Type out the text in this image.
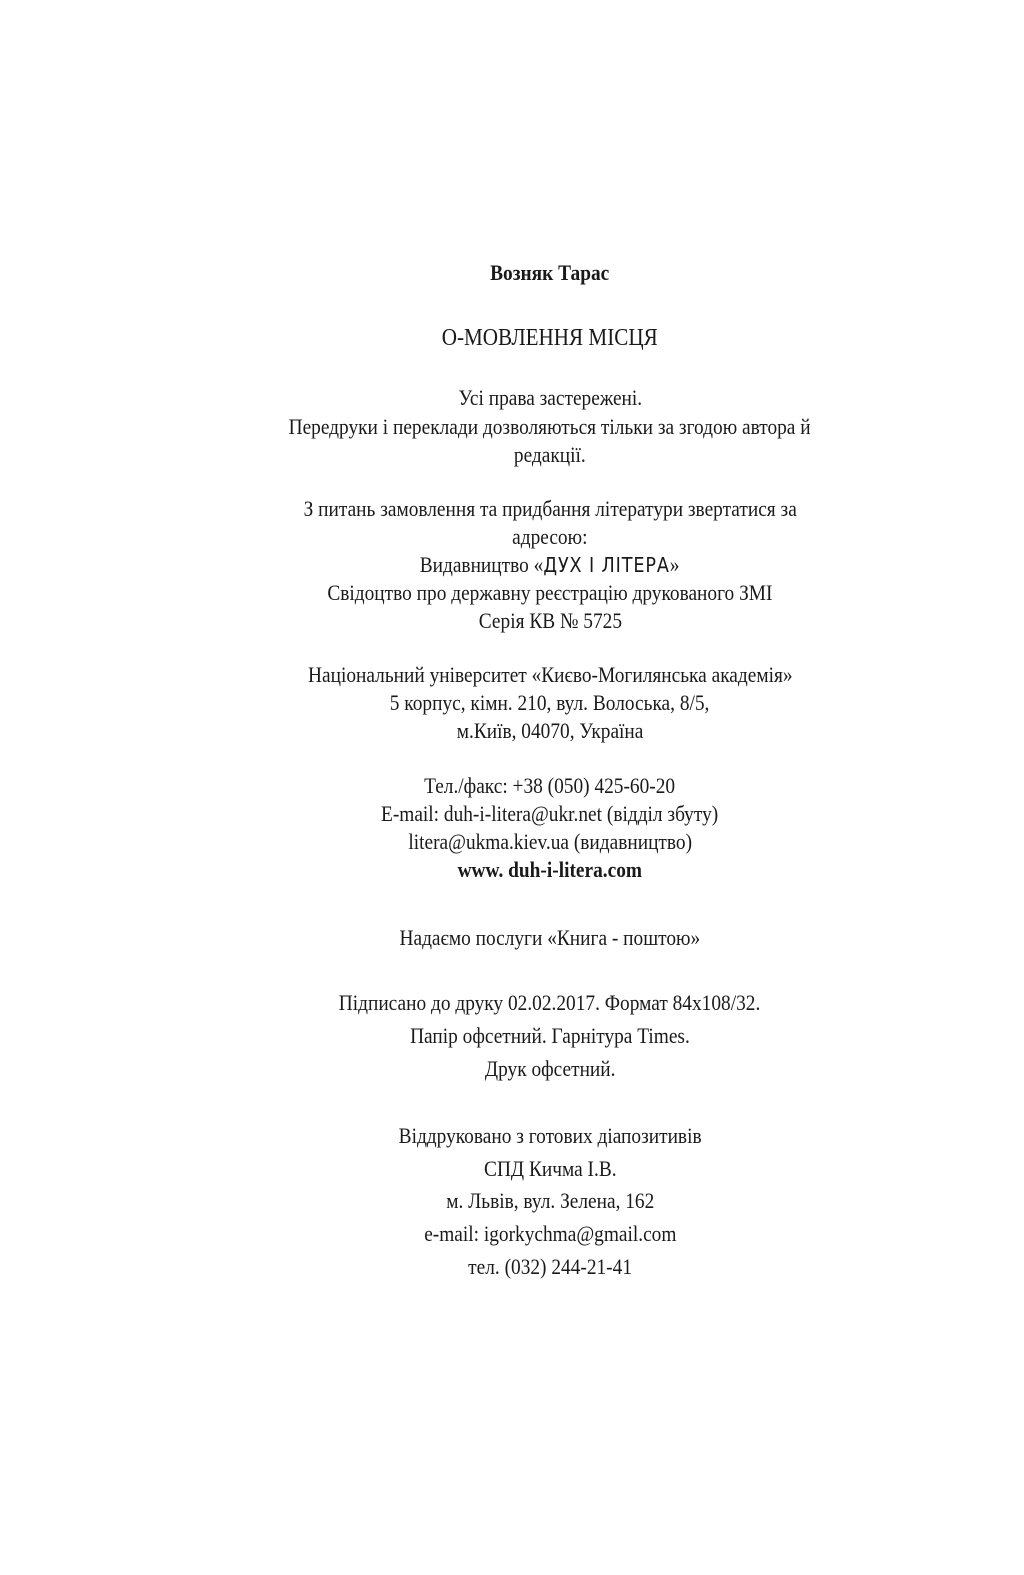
Возняк Тарас
О-МОВЛЕННЯ МІСЦЯ
Усі права застережені.
Передруки і переклади дозволяються тільки за згодою автора й
редакції.
З питань замовлення та придбання літератури звертатися за
адресою:
Видавництво «ДУХ І ЛІТЕРА»
Свідоцтво про державну реєстрацію друкованого ЗМІ
Серія КВ № 5725
Національний університет «Києво-Могилянська академія»
5 корпус, кімн. 210, вул. Волоська, 8/5,
м.Київ, 04070, Україна
Тел./факс: +38 (050) 425-60-20
E-mail: duh-i-litera@ukr.net (відділ збуту)
litera@ukma.kiev.ua (видавництво)
www. duh-i-litera.com
Надаємо послуги «Книга - поштою»
Підписано до друку 02.02.2017. Формат 84х108/32.
Папір офсетний. Гарнітура Times.
Друк офсетний.
Віддруковано з готових діапозитивів
СПД Кичма І.В.
м. Львів, вул. Зелена, 162
e-mail: igorkychma@gmail.com
тел. (032) 244-21-41
